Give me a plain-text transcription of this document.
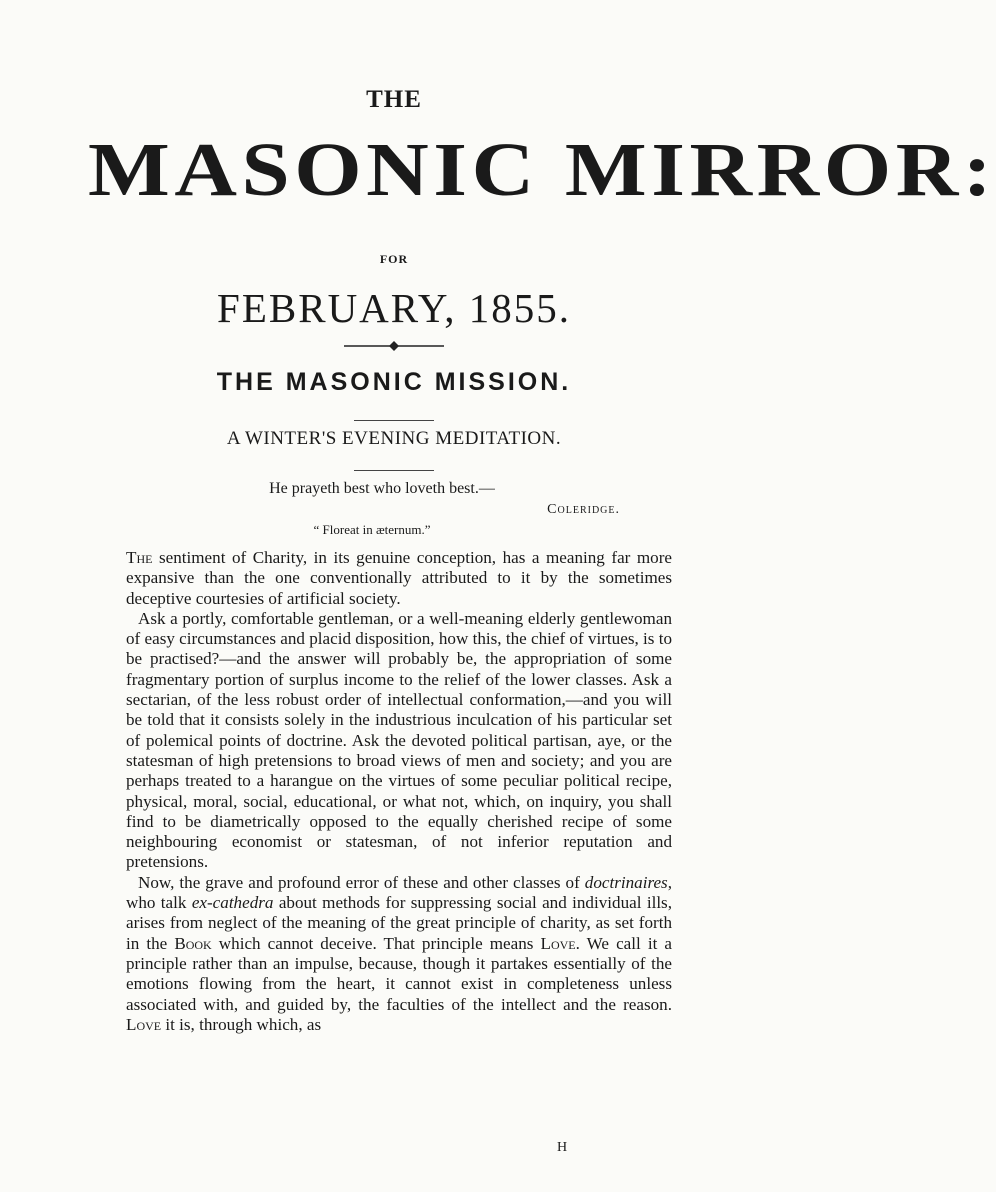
THE
MASONIC MIRROR:
FOR
FEBRUARY, 1855.
THE MASONIC MISSION.
A WINTER'S EVENING MEDITATION.
He prayeth best who loveth best.—
Coleridge.
“ Floreat in æternum.”

The sentiment of Charity, in its genuine conception, has a meaning far more expansive than the one conventionally attributed to it by the sometimes deceptive courtesies of artificial society.

Ask a portly, comfortable gentleman, or a well-meaning elderly gentlewoman of easy circumstances and placid disposition, how this, the chief of virtues, is to be practised?—and the answer will probably be, the appropriation of some fragmentary portion of surplus income to the relief of the lower classes. Ask a sectarian, of the less robust order of intellectual conformation,—and you will be told that it consists solely in the industrious inculcation of his particular set of polemical points of doctrine. Ask the devoted political partisan, aye, or the statesman of high pretensions to broad views of men and society; and you are perhaps treated to a harangue on the virtues of some peculiar political recipe, physical, moral, social, educational, or what not, which, on inquiry, you shall find to be diametrically opposed to the equally cherished recipe of some neighbouring economist or statesman, of not inferior reputation and pretensions.

Now, the grave and profound error of these and other classes of doctrinaires, who talk ex-cathedra about methods for suppressing social and individual ills, arises from neglect of the meaning of the great principle of charity, as set forth in the Book which cannot deceive. That principle means Love. We call it a principle rather than an impulse, because, though it partakes essentially of the emotions flowing from the heart, it cannot exist in completeness unless associated with, and guided by, the faculties of the intellect and the reason. Love it is, through which, as

H
